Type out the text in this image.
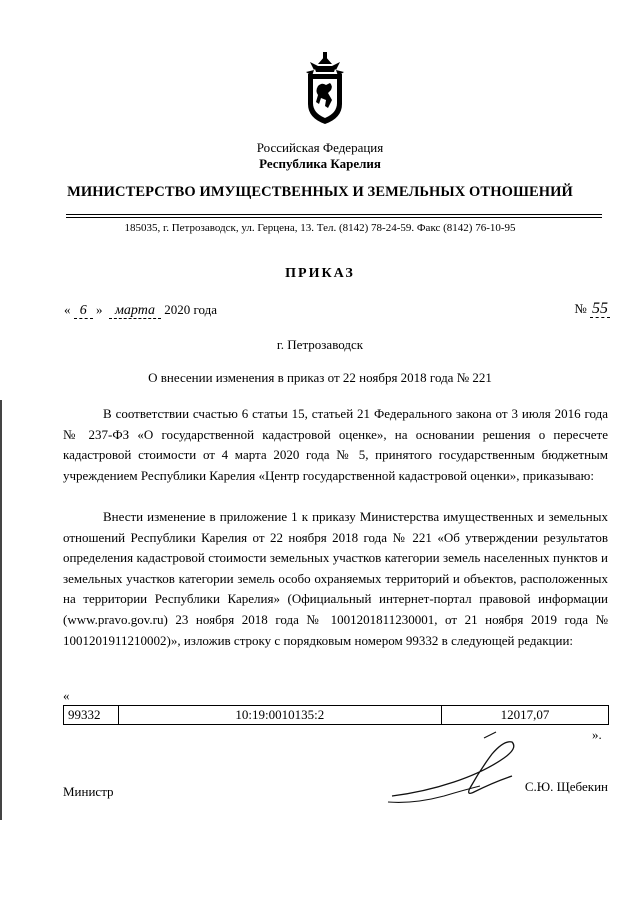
Российская Федерация
Республика Карелия
МИНИСТЕРСТВО ИМУЩЕСТВЕННЫХ И ЗЕМЕЛЬНЫХ ОТНОШЕНИЙ
185035, г. Петрозаводск, ул. Герцена, 13. Тел. (8142) 78-24-59. Факс (8142) 76-10-95
ПРИКАЗ
« 6 » марта 2020 года	№ 55
г. Петрозаводск
О внесении изменения в приказ от 22 ноября 2018 года № 221
В соответствии счастью 6 статьи 15, статьей 21 Федерального закона от 3 июля 2016 года № 237-ФЗ «О государственной кадастровой оценке», на основании решения о пересчете кадастровой стоимости от 4 марта 2020 года № 5, принятого государственным бюджетным учреждением Республики Карелия «Центр государственной кадастровой оценки», приказываю:
Внести изменение в приложение 1 к приказу Министерства имущественных и земельных отношений Республики Карелия от 22 ноября 2018 года № 221 «Об утверждении результатов определения кадастровой стоимости земельных участков категории земель населенных пунктов и земельных участков категории земель особо охраняемых территорий и объектов, расположенных на территории Республики Карелия» (Официальный интернет-портал правовой информации (www.pravo.gov.ru) 23 ноября 2018 года № 1001201811230001, от 21 ноября 2019 года № 1001201911210002)», изложив строку с порядковым номером 99332 в следующей редакции:
«
99332	10:19:0010135:2	12017,07
».
Министр	С.Ю. Щебекин
